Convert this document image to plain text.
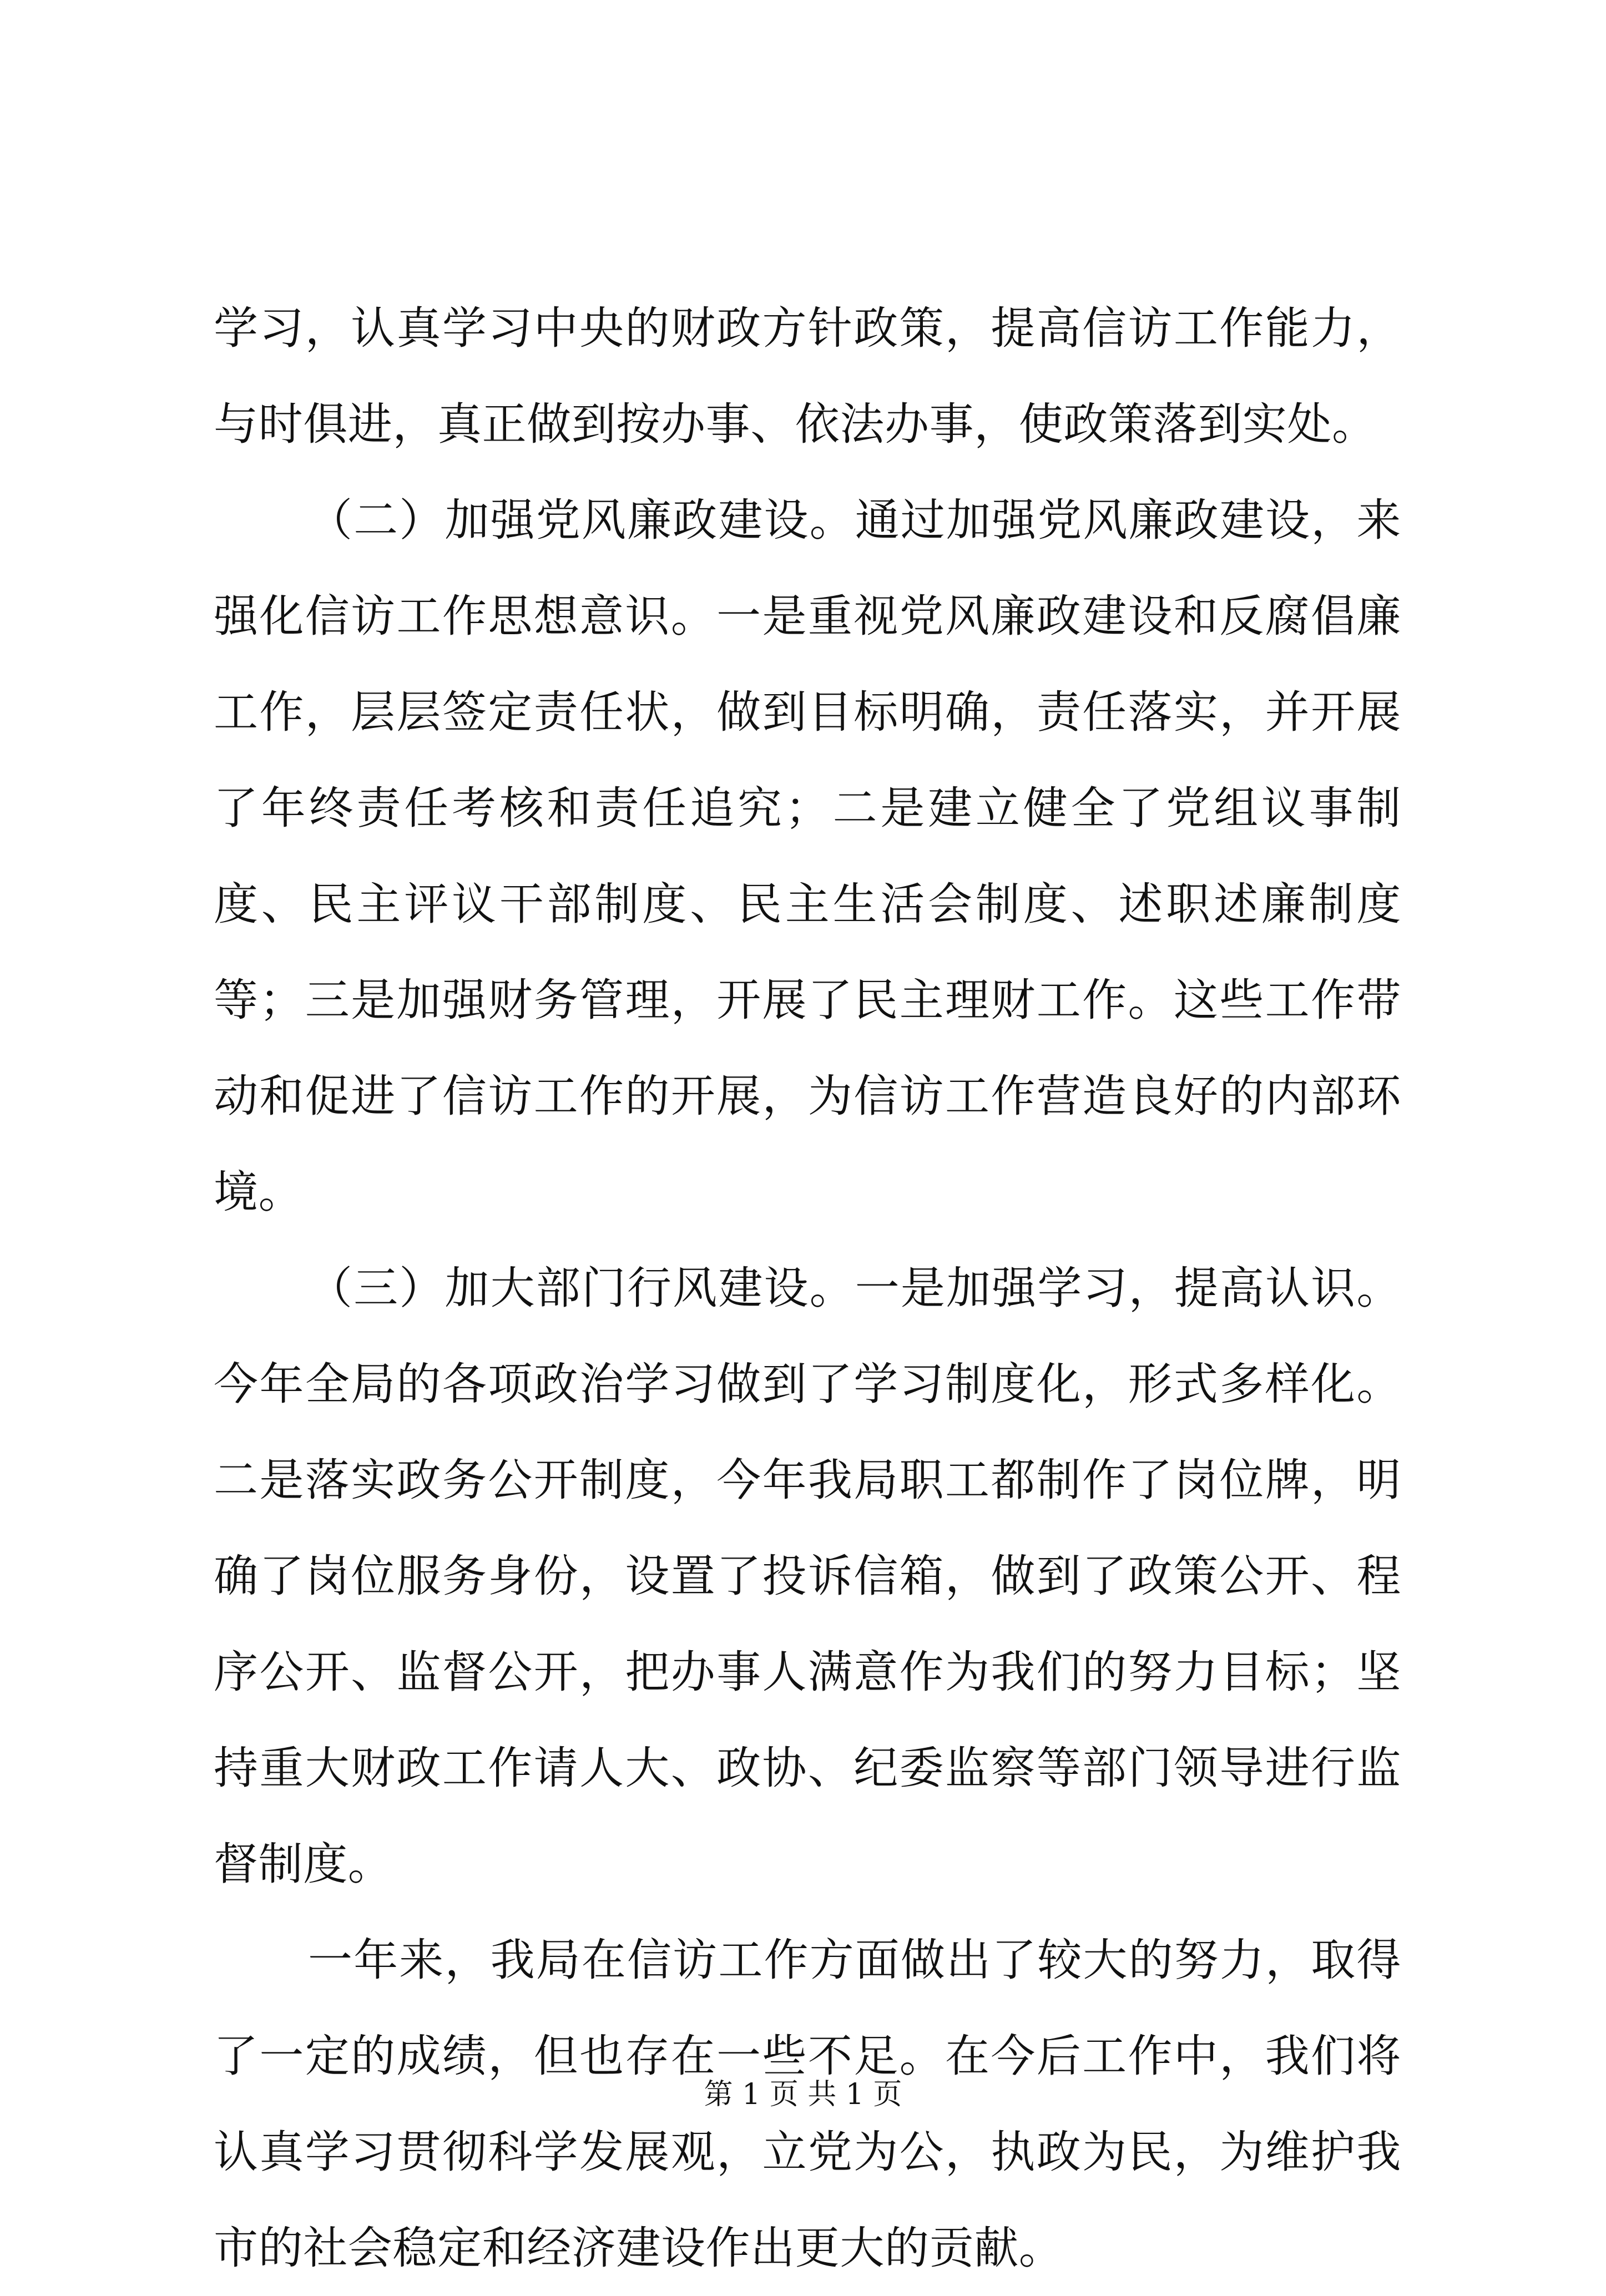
学习，认真学习中央的财政方针政策，提高信访工作能力，与时俱进，真正做到按办事、依法办事，使政策落到实处。

（二）加强党风廉政建设。通过加强党风廉政建设，来强化信访工作思想意识。一是重视党风廉政建设和反腐倡廉工作，层层签定责任状，做到目标明确，责任落实，并开展了年终责任考核和责任追究；二是建立健全了党组议事制度、民主评议干部制度、民主生活会制度、述职述廉制度等；三是加强财务管理，开展了民主理财工作。这些工作带动和促进了信访工作的开展，为信访工作营造良好的内部环境。

（三）加大部门行风建设。一是加强学习，提高认识。今年全局的各项政治学习做到了学习制度化，形式多样化。二是落实政务公开制度，今年我局职工都制作了岗位牌，明确了岗位服务身份，设置了投诉信箱，做到了政策公开、程序公开、监督公开，把办事人满意作为我们的努力目标；坚持重大财政工作请人大、政协、纪委监察等部门领导进行监督制度。

一年来，我局在信访工作方面做出了较大的努力，取得了一定的成绩，但也存在一些不足。在今后工作中，我们将认真学习贯彻科学发展观，立党为公，执政为民，为维护我市的社会稳定和经济建设作出更大的贡献。

第 1 页 共 1 页
